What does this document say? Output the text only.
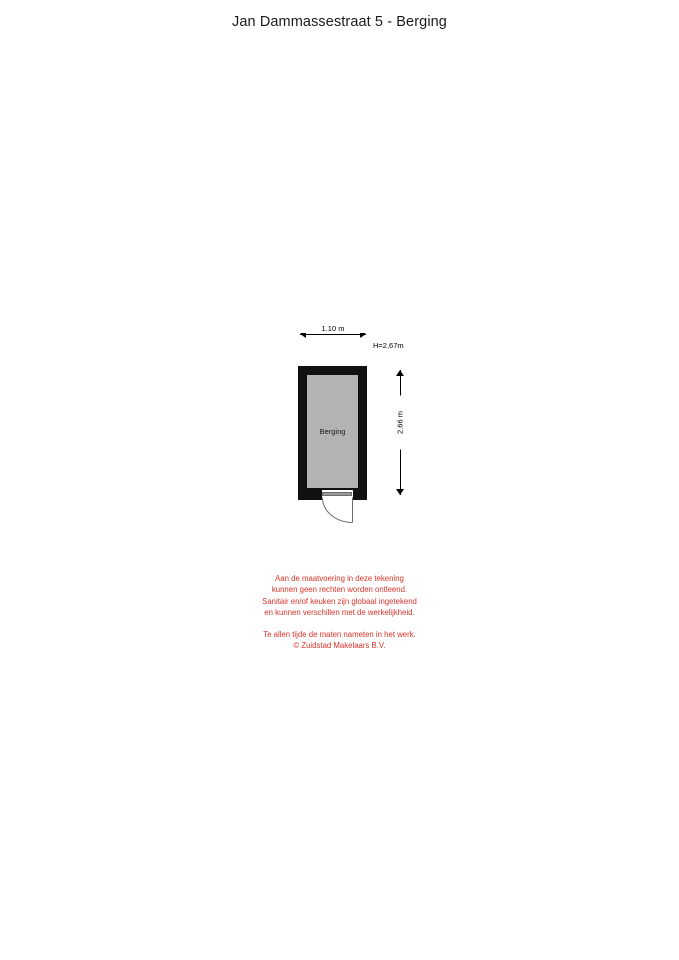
Jan Dammassestraat 5 - Berging
1.10 m
H=2,67m
Berging	2.66 m
Aan de maatvoering in deze tekening
kunnen geen rechten worden ontleend.
Sanitair en/of keuken zijn globaal ingetekend
en kunnen verschillen met de werkelijkheid.
Te allen tijde de maten nameten in het werk.
© Zuidstad Makelaars B.V.
